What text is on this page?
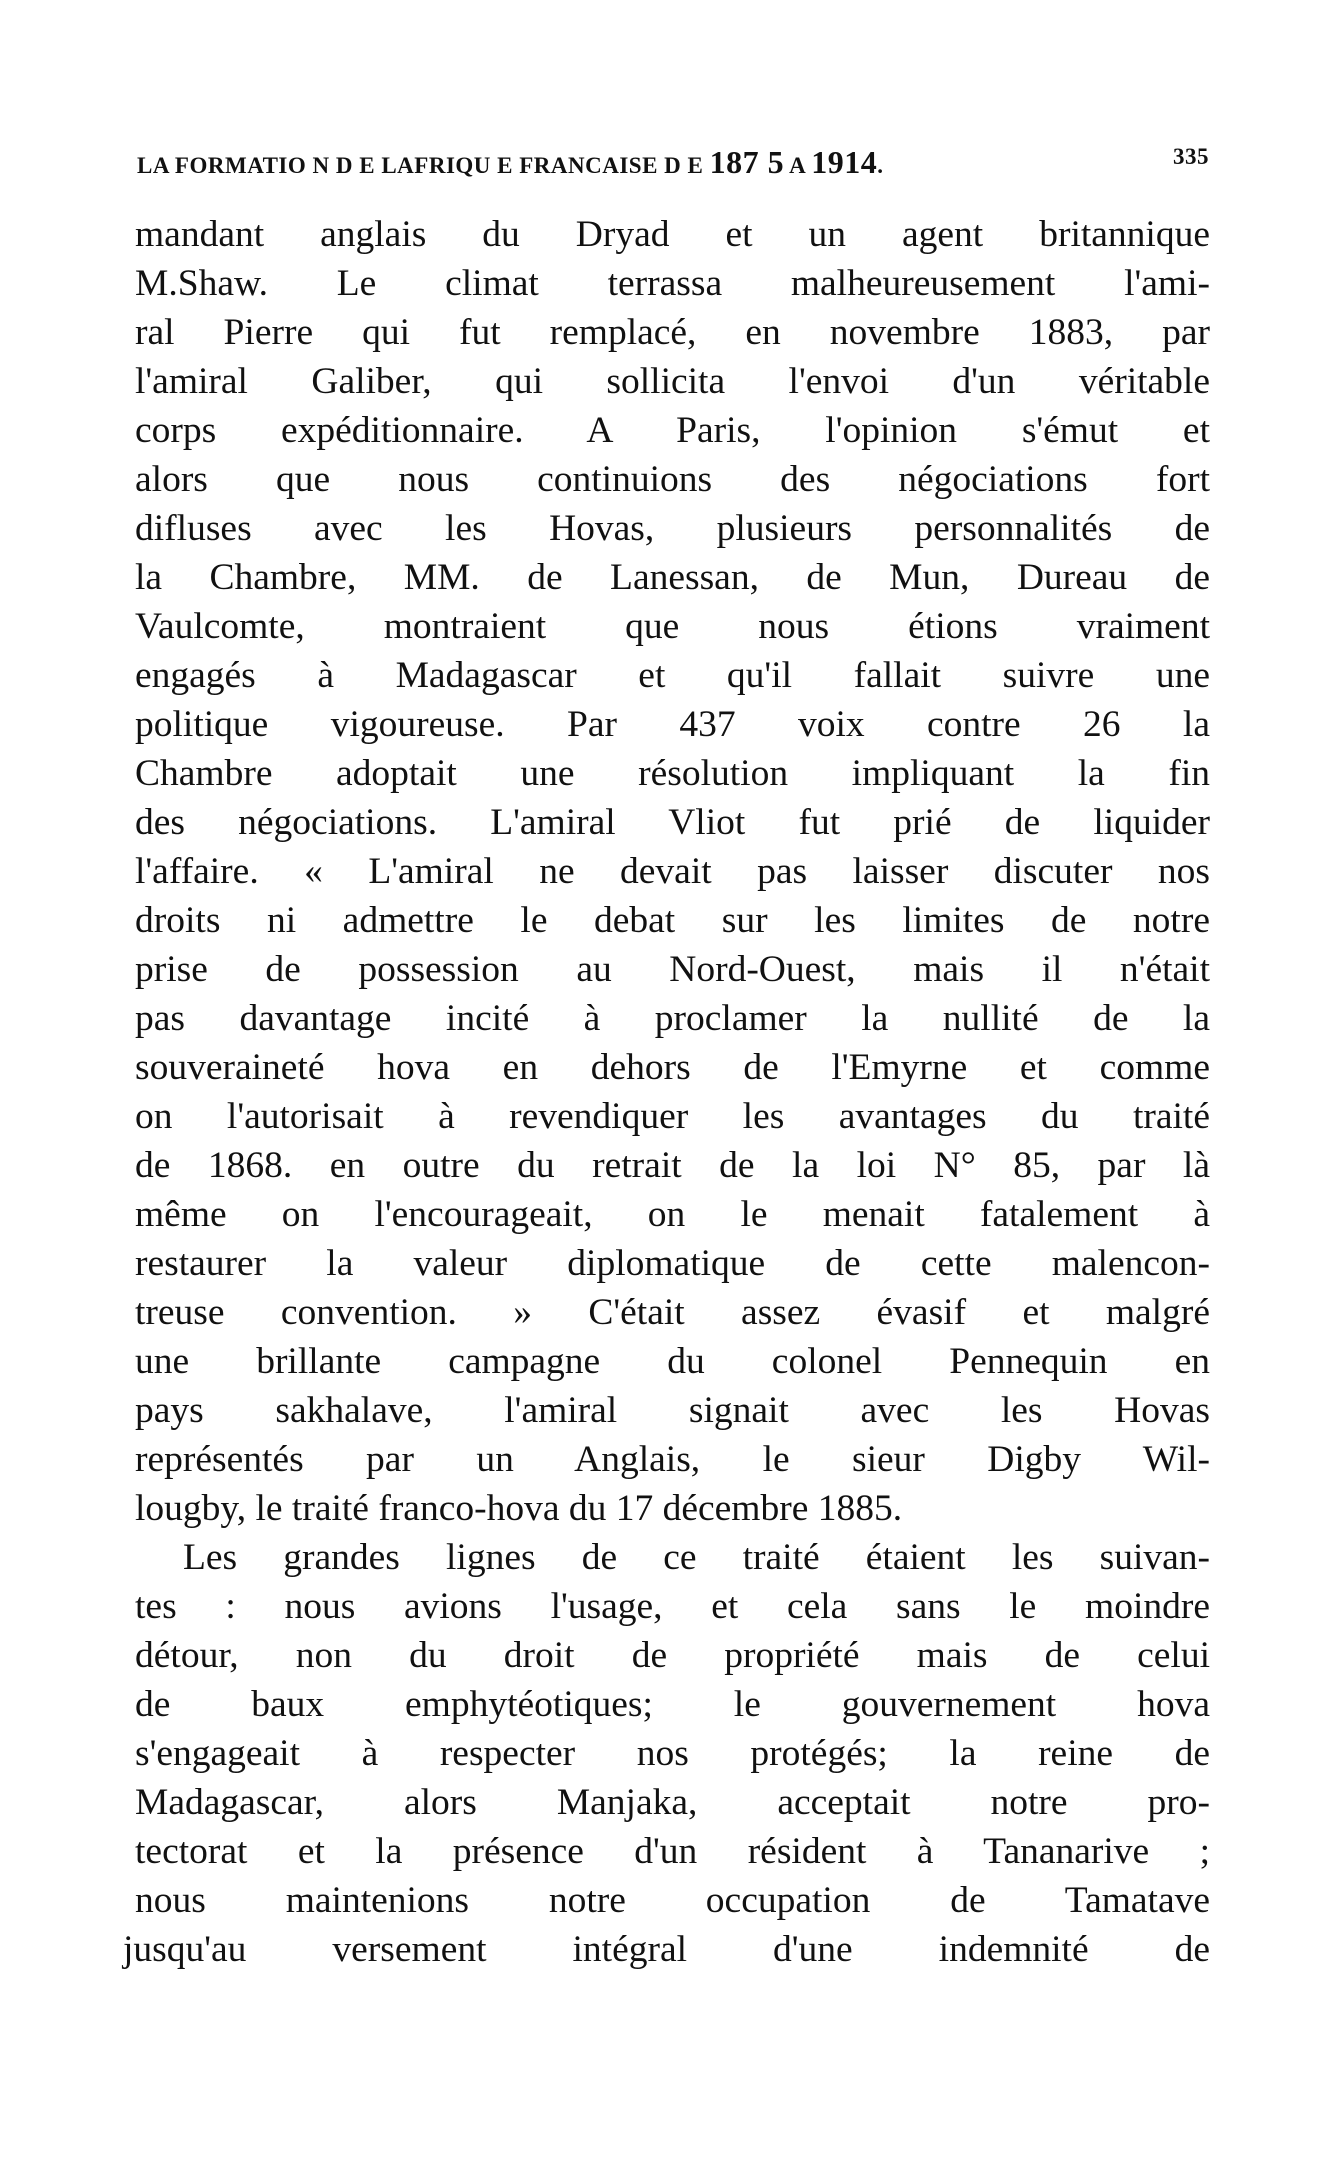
LA FORMATIO N D E LAFRIQU E FRANCAISE D E 187 5 A 1914.	335
mandant anglais du Dryad et un agent britannique
M.Shaw. Le climat terrassa malheureusement l'ami-
ral Pierre qui fut remplacé, en novembre 1883, par
l'amiral Galiber, qui sollicita l'envoi d'un véritable
corps expéditionnaire. A Paris, l'opinion s'émut et
alors que nous continuions des négociations fort
difluses avec les Hovas, plusieurs personnalités de
la Chambre, MM. de Lanessan, de Mun, Dureau de
Vaulcomte, montraient que nous étions vraiment
engagés à Madagascar et qu'il fallait suivre une
politique vigoureuse. Par 437 voix contre 26 la
Chambre adoptait une résolution impliquant la fin
des négociations. L'amiral Vliot fut prié de liquider
l'affaire. « L'amiral ne devait pas laisser discuter nos
droits ni admettre le debat sur les limites de notre
prise de possession au Nord-Ouest, mais il n'était
pas davantage incité à proclamer la nullité de la
souveraineté hova en dehors de l'Emyrne et comme
on l'autorisait à revendiquer les avantages du traité
de 1868. en outre du retrait de la loi N° 85, par là
même on l'encourageait, on le menait fatalement à
restaurer la valeur diplomatique de cette malencon-
treuse convention. » C'était assez évasif et malgré
une brillante campagne du colonel Pennequin en
pays sakhalave, l'amiral signait avec les Hovas
représentés par un Anglais, le sieur Digby Wil-
lougby, le traité franco-hova du 17 décembre 1885.
Les grandes lignes de ce traité étaient les suivan-
tes : nous avions l'usage, et cela sans le moindre
détour, non du droit de propriété mais de celui
de baux emphytéotiques; le gouvernement hova
s'engageait à respecter nos protégés; la reine de
Madagascar, alors Manjaka, acceptait notre pro-
tectorat et la présence d'un résident à Tananarive ;
nous maintenions notre occupation de Tamatave
jusqu'au versement intégral d'une indemnité de
